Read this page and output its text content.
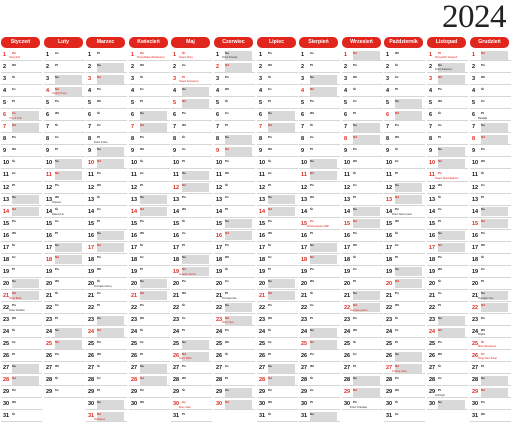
2024
Styczeń	Luty	Marzec	Kwiecień	Maj	Czerwiec	Lipiec	Sierpień	Wrzesień	Październik	Listopad	Grudzień
1 Pn
Nowy Rok
2 Wt
3 Śr
4 Cz
5 Pt
6 So
Trzech Króli
7 Nd
8 Pn
9 Wt
10 Śr
11 Cz
12 Pt
13 So
14 Nd
15 Pn
16 Wt
17 Śr
18 Cz
19 Pt
20 So
21 Nd
Dzień Babci
22 Pn
Dzień Dziadka
23 Wt
24 Śr
25 Cz
26 Pt
27 So
28 Nd
29 Pn
30 Wt
31 Śr
1 Cz
2 Pt
3 So
4 Nd
Ostatki Tłusty
5 Pn
6 Wt
7 Śr
8 Cz
9 Pt
10 So
11 Nd
12 Pn
13 Wt
Popielec
14 Śr
Walentynki
15 Cz
16 Pt
17 So
18 Nd
19 Pn
20 Wt
21 Śr
22 Cz
23 Pt
24 So
25 Nd
26 Pn
27 Wt
28 Śr
29 Cz
1 Pt
2 So
3 Nd
4 Pn
5 Wt
6 Śr
7 Cz
8 Pt
Dzień Kobiet
9 So
10 Nd
11 Pn
12 Wt
13 Śr
14 Cz
15 Pt
16 So
17 Nd
18 Pn
19 Wt
20 Śr
Początek wiosny
21 Cz
22 Pt
23 So
24 Nd
25 Pn
26 Wt
27 Śr
28 Cz
29 Pt
30 So
31 Nd
Wielkanoc
1 Pn
Poniedziałek Wielkanocny
2 Wt
3 Śr
4 Cz
5 Pt
6 So
7 Nd
8 Pn
9 Wt
10 Śr
11 Cz
12 Pt
13 So
14 Nd
15 Pn
16 Wt
17 Śr
18 Cz
19 Pt
20 So
21 Nd
22 Pn
23 Wt
24 Śr
25 Cz
26 Pt
27 So
28 Nd
29 Pn
30 Wt
1 Śr
Święto Pracy
2 Cz
3 Pt
Święto Konstytucji
4 So
5 Nd
6 Pn
7 Wt
8 Śr
9 Cz
10 Pt
11 So
12 Nd
13 Pn
14 Wt
15 Śr
16 Cz
17 Pt
18 So
19 Nd
Zesłanie Ducha
20 Pn
21 Wt
22 Śr
23 Cz
24 Pt
25 So
26 Nd
Dzień Matki
27 Pn
28 Wt
29 Śr
30 Cz
Boże Ciało
31 Pt
1 So
Dzień Dziecka
2 Nd
3 Pn
4 Wt
5 Śr
6 Cz
7 Pt
8 So
9 Nd
10 Pn
11 Wt
12 Śr
13 Cz
14 Pt
15 So
16 Nd
17 Pn
18 Wt
19 Śr
20 Cz
21 Pt
Początek lata
22 So
23 Nd
Dzień Ojca
24 Pn
25 Wt
26 Śr
27 Cz
28 Pt
29 So
30 Nd
1 Pn
2 Wt
3 Śr
4 Cz
5 Pt
6 So
7 Nd
8 Pn
9 Wt
10 Śr
11 Cz
12 Pt
13 So
14 Nd
15 Pn
16 Wt
17 Śr
18 Cz
19 Pt
20 So
21 Nd
22 Pn
23 Wt
24 Śr
25 Cz
26 Pt
27 So
28 Nd
29 Pn
30 Wt
31 Śr
1 Cz
2 Pt
3 So
4 Nd
5 Pn
6 Wt
7 Śr
8 Cz
9 Pt
10 So
11 Nd
12 Pn
13 Wt
14 Śr
15 Cz
Wniebowzięcie NMP
16 Pt
17 So
18 Nd
19 Pn
20 Wt
21 Śr
22 Cz
23 Pt
24 So
25 Nd
26 Pn
27 Wt
28 Śr
29 Cz
30 Pt
31 So
1 Nd
2 Pn
3 Wt
4 Śr
5 Cz
6 Pt
7 So
8 Nd
9 Pn
10 Wt
11 Śr
12 Cz
13 Pt
14 So
15 Nd
16 Pn
17 Wt
18 Śr
19 Cz
20 Pt
21 So
22 Nd
Początek jesieni
23 Pn
24 Wt
25 Śr
26 Cz
27 Pt
28 So
29 Nd
30 Pn
Dzień Chłopaka
1 Wt
2 Śr
3 Cz
4 Pt
5 So
6 Nd
7 Pn
8 Wt
9 Śr
10 Cz
11 Pt
12 So
13 Nd
14 Pn
Dzień Nauczyciela
15 Wt
16 Śr
17 Cz
18 Pt
19 So
20 Nd
21 Pn
22 Wt
23 Śr
24 Cz
25 Pt
26 So
27 Nd
Zmiana czasu
28 Pn
29 Wt
30 Śr
31 Cz
1 Pt
Wszystkich Świętych
2 So
Dzień Zaduszny
3 Nd
4 Pn
5 Wt
6 Śr
7 Cz
8 Pt
9 So
10 Nd
11 Pn
Święto Niepodległości
12 Wt
13 Śr
14 Cz
15 Pt
16 So
17 Nd
18 Pn
19 Wt
20 Śr
21 Cz
22 Pt
23 So
24 Nd
25 Pn
26 Wt
27 Śr
28 Cz
29 Pt
Andrzejki
30 So
1 Nd
2 Pn
3 Wt
4 Śr
5 Cz
6 Pt
Mikołajki
7 So
8 Nd
9 Pn
10 Wt
11 Śr
12 Cz
13 Pt
14 So
15 Nd
16 Pn
17 Wt
18 Śr
19 Cz
20 Pt
21 So
Początek zimy
22 Nd
23 Pn
24 Wt
Wigilia
25 Śr
Boże Narodzenie
26 Cz
Drugi dzień Świąt
27 Pt
28 So
29 Nd
30 Pn
31 Wt
